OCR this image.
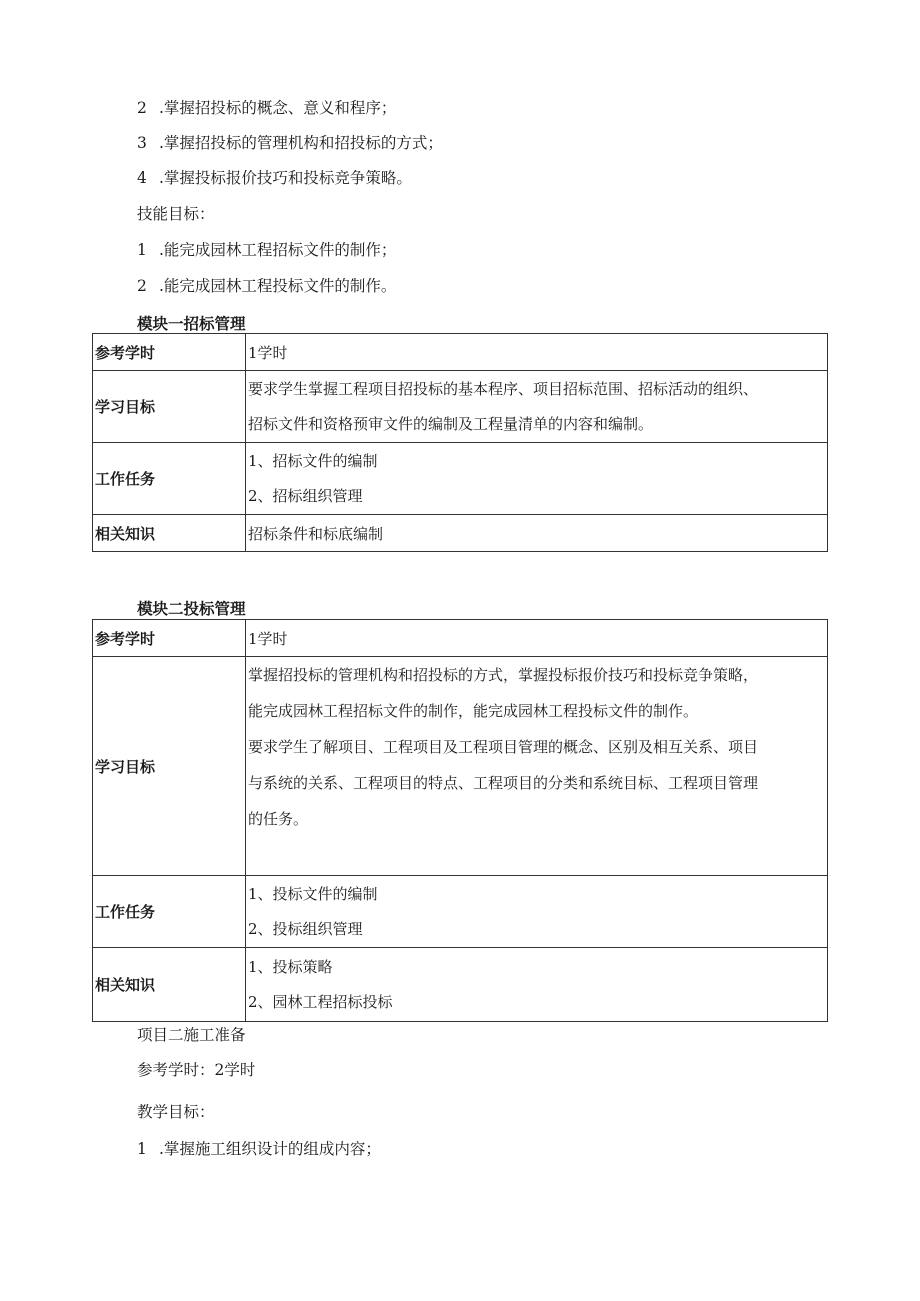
2 .掌握招投标的概念、意义和程序；
3 .掌握招投标的管理机构和招投标的方式；
4 .掌握投标报价技巧和投标竞争策略。
技能目标：
1 .能完成园林工程招标文件的制作；
2 .能完成园林工程投标文件的制作。
模块一招标管理
参考学时	1学时
学习目标	要求学生掌握工程项目招投标的基本程序、项目招标范围、招标活动的组织、
招标文件和资格预审文件的编制及工程量清单的内容和编制。

工作任务	1、招标文件的编制
2、招标组织管理

相关知识	招标条件和标底编制
模块二投标管理
参考学时	1学时
学习目标	掌握招投标的管理机构和招投标的方式，掌握投标报价技巧和投标竞争策略，
能完成园林工程招标文件的制作，能完成园林工程投标文件的制作。
要求学生了解项目、工程项目及工程项目管理的概念、区别及相互关系、项目
与系统的关系、工程项目的特点、工程项目的分类和系统目标、工程项目管理
的任务。

工作任务	1、投标文件的编制
2、投标组织管理

相关知识	1、投标策略
2、园林工程招标投标
项目二施工准备
参考学时：2学时
教学目标：
1 .掌握施工组织设计的组成内容；
